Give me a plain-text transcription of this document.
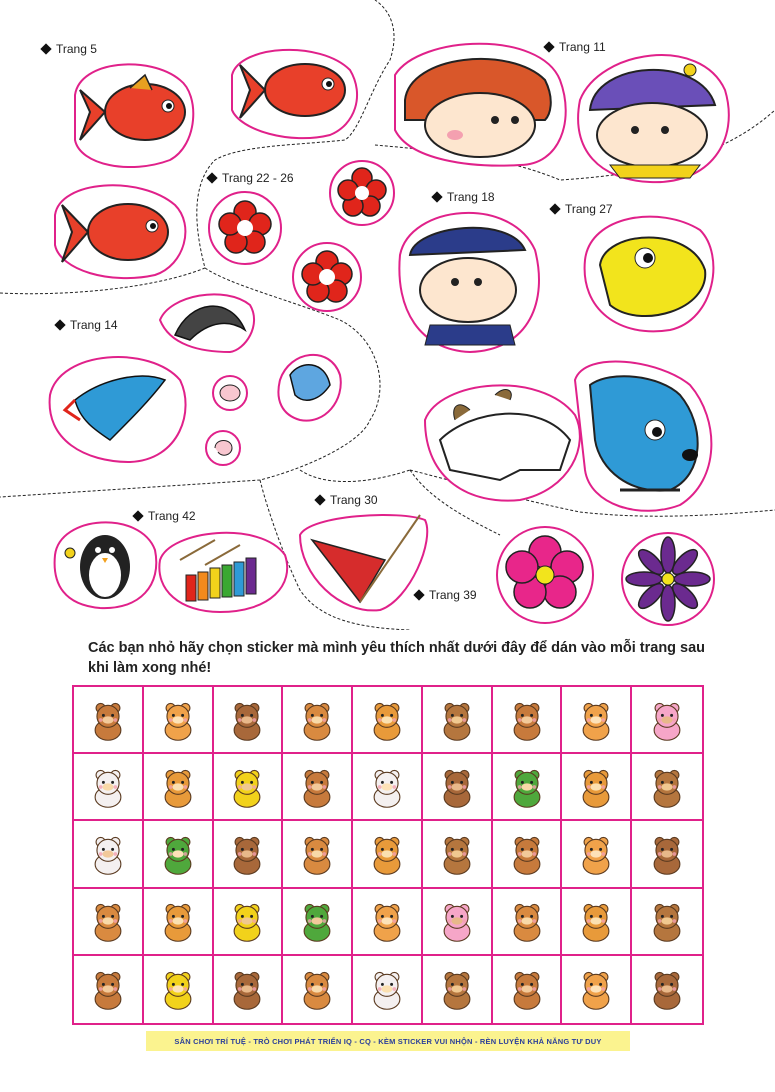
Trang 5	Trang 11
Trang 22 - 26
Trang 18
Trang 27
Trang 14
Trang 30
Trang 42
Trang 39
Các bạn nhỏ hãy chọn sticker mà mình yêu thích nhất dưới đây để dán vào mỗi trang sau khi làm xong nhé!
SÂN CHƠI TRÍ TUỆ - TRÒ CHƠI PHÁT TRIỂN IQ - CQ - KÈM STICKER VUI NHỘN - RÈN LUYỆN KHẢ NĂNG TƯ DUY
